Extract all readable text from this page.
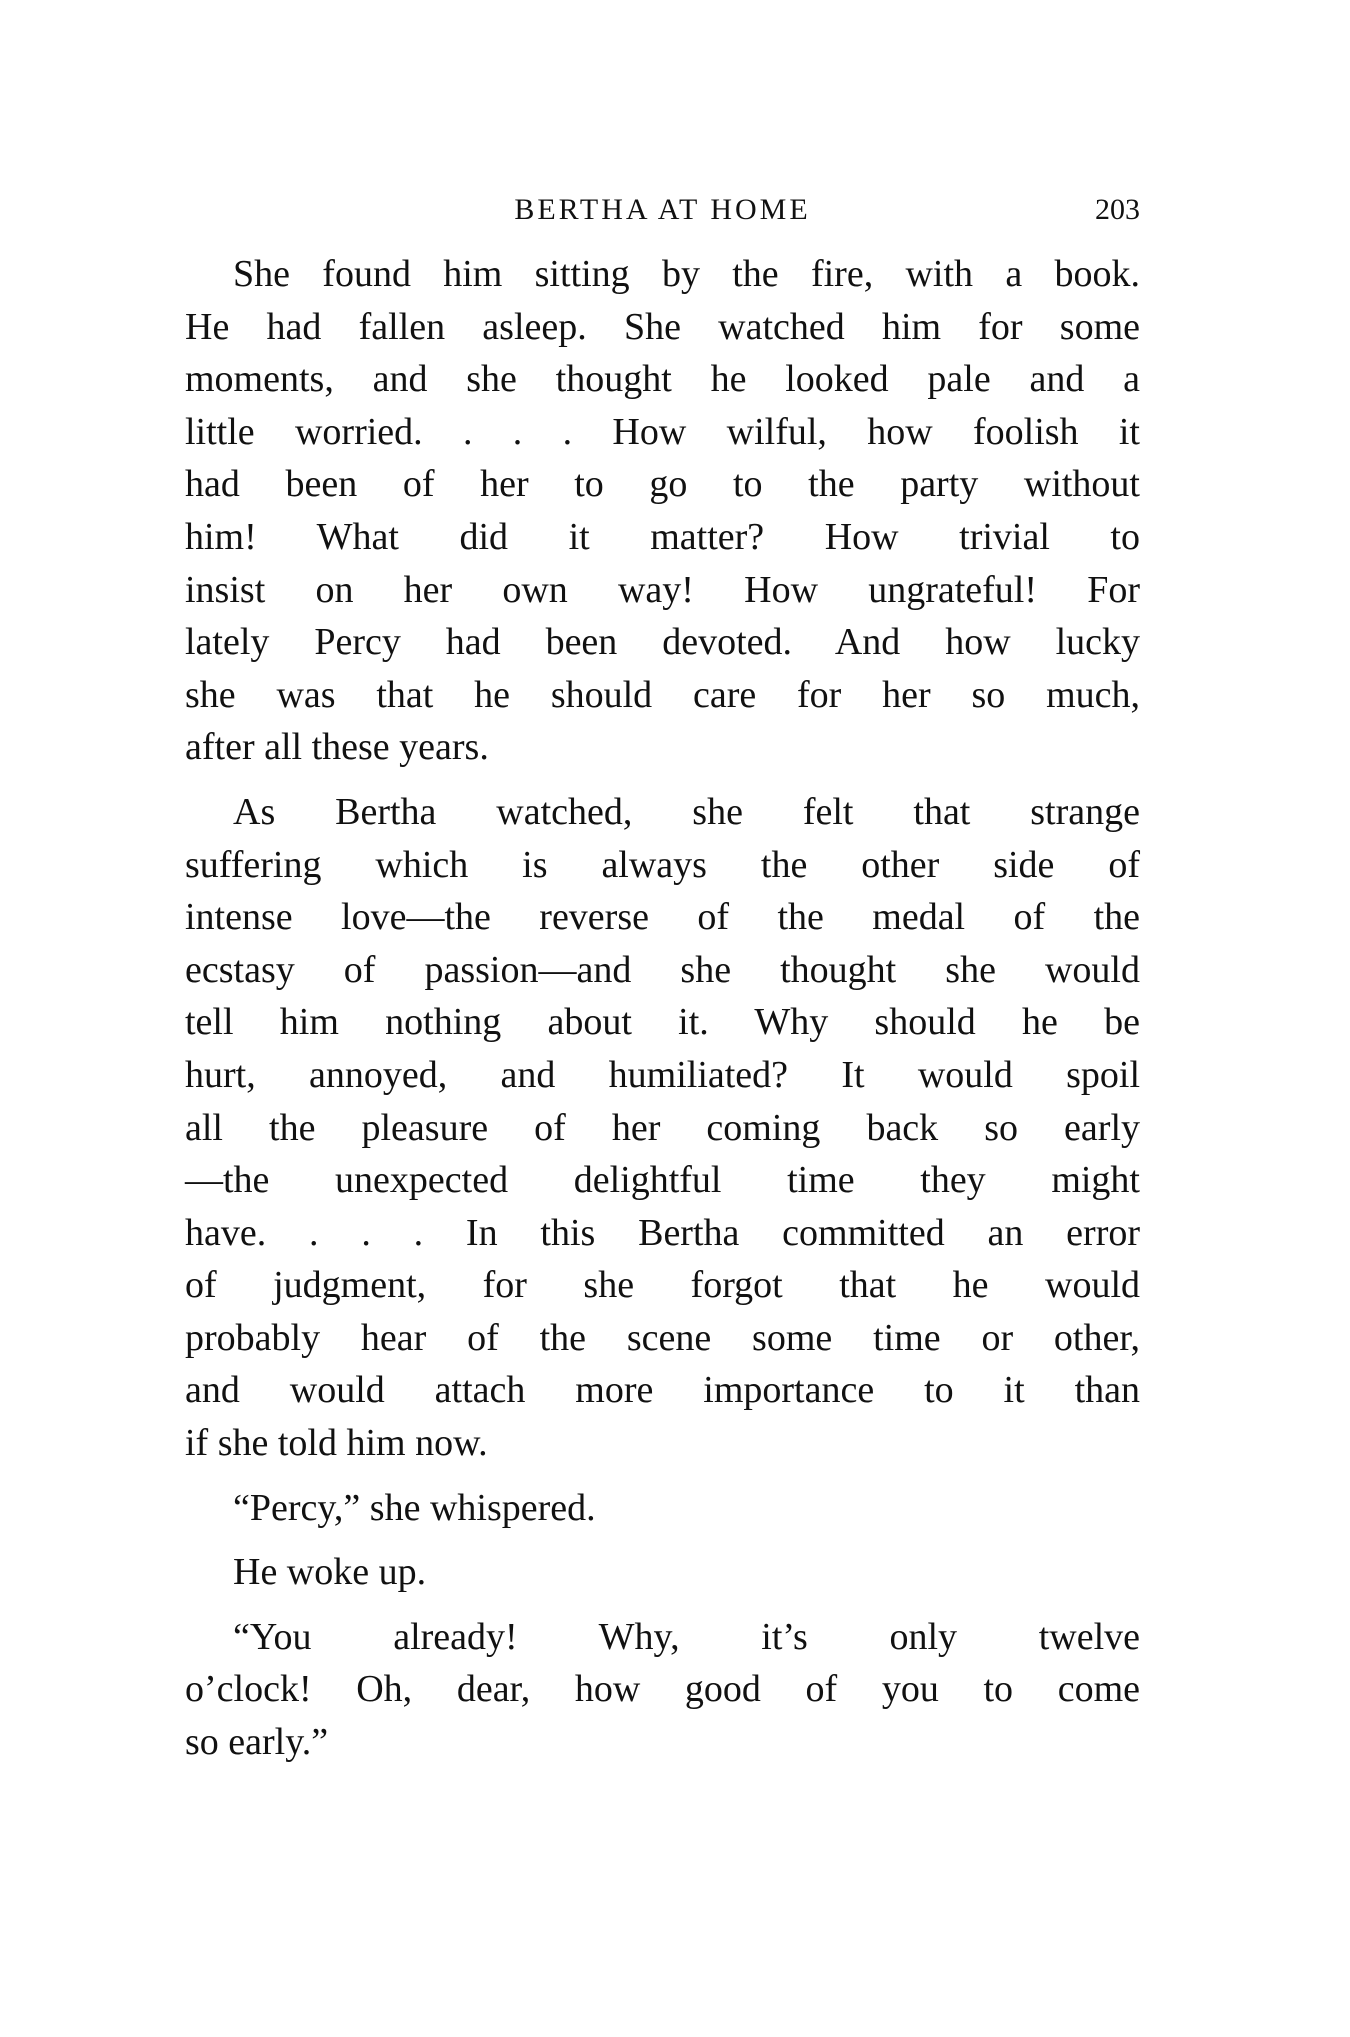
BERTHA AT HOME	203
She found him sitting by the fire, with a book.
He had fallen asleep. She watched him for some
moments, and she thought he looked pale and a
little worried. . . . How wilful, how foolish it
had been of her to go to the party without
him! What did it matter? How trivial to
insist on her own way! How ungrateful! For
lately Percy had been devoted. And how lucky
she was that he should care for her so much,
after all these years.
As Bertha watched, she felt that strange
suffering which is always the other side of
intense love—the reverse of the medal of the
ecstasy of passion—and she thought she would
tell him nothing about it. Why should he be
hurt, annoyed, and humiliated? It would spoil
all the pleasure of her coming back so early
—the unexpected delightful time they might
have. . . . In this Bertha committed an error
of judgment, for she forgot that he would
probably hear of the scene some time or other,
and would attach more importance to it than
if she told him now.
“Percy,” she whispered.
He woke up.
“You already! Why, it’s only twelve
o’clock! Oh, dear, how good of you to come
so early.”
